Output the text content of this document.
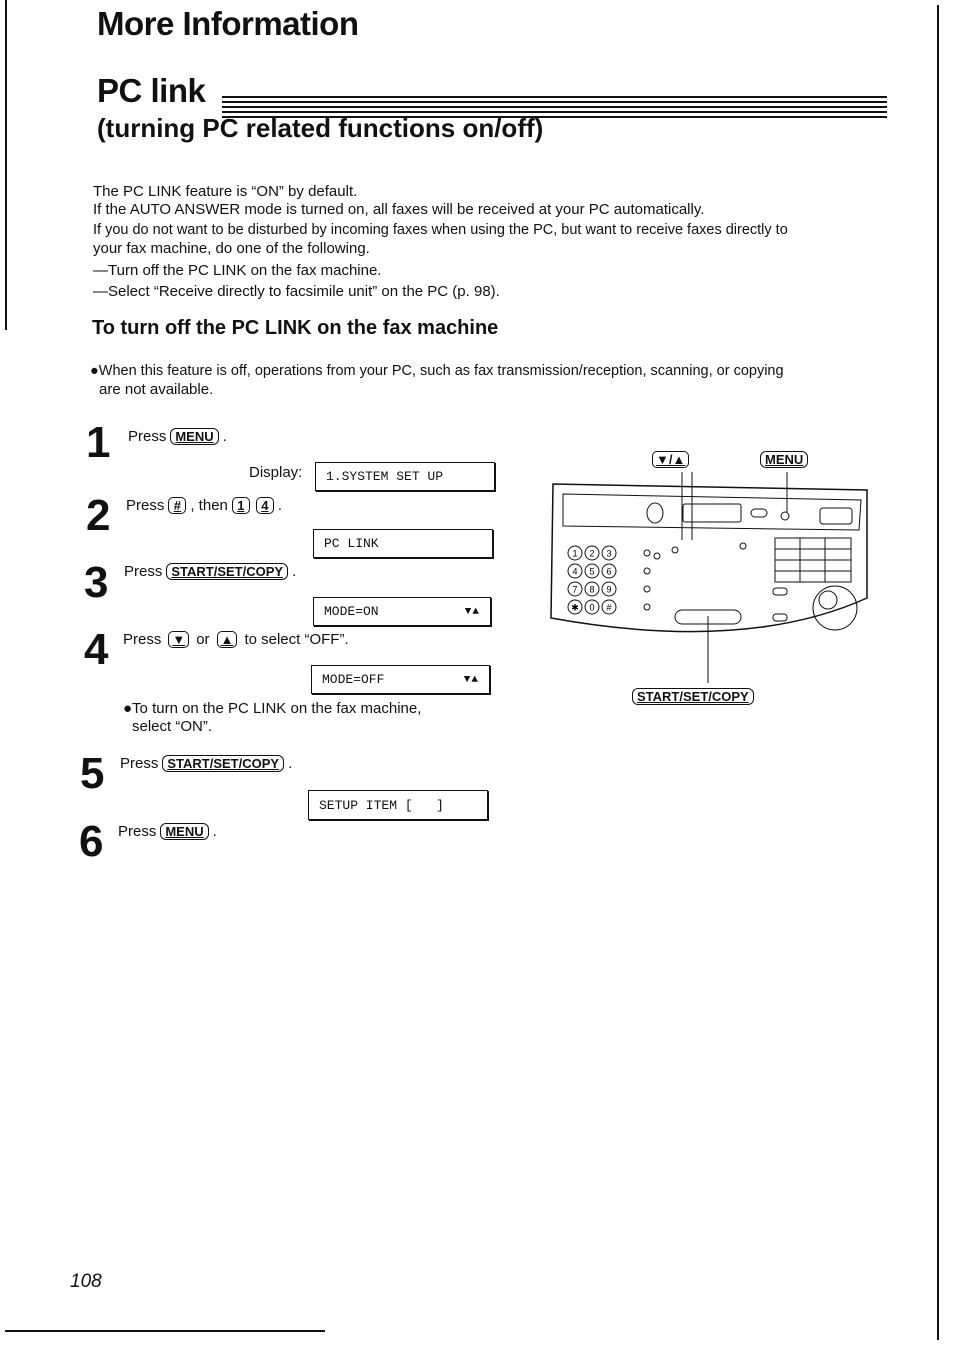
More Information
PC link
(turning PC related functions on/off)
The PC LINK feature is “ON” by default.
If the AUTO ANSWER mode is turned on, all faxes will be received at your PC automatically.
If you do not want to be disturbed by incoming faxes when using the PC, but want to receive faxes directly to
your fax machine, do one of the following.
—Turn off the PC LINK on the fax machine.
—Select “Receive directly to facsimile unit” on the PC (p. 98).
To turn off the PC LINK on the fax machine
●When this feature is off, operations from your PC, such as fax transmission/reception, scanning, or copying
are not available.
1 Press MENU .
Display: 1.SYSTEM SET UP
2 Press # , then 1	4 .
PC LINK
3 Press START/SET/COPY .
MODE=ON	▼▲
4 Press ▼ or ▲ to select “OFF”.
MODE=OFF	▼▲
●To turn on the PC LINK on the fax machine,
select “ON”.
5 Press START/SET/COPY .
SETUP ITEM [   ]
6 Press MENU .
▼/▲	MENU
START/SET/COPY
1 2 3
4 5 6
7 8 9
✱ 0 #
108
